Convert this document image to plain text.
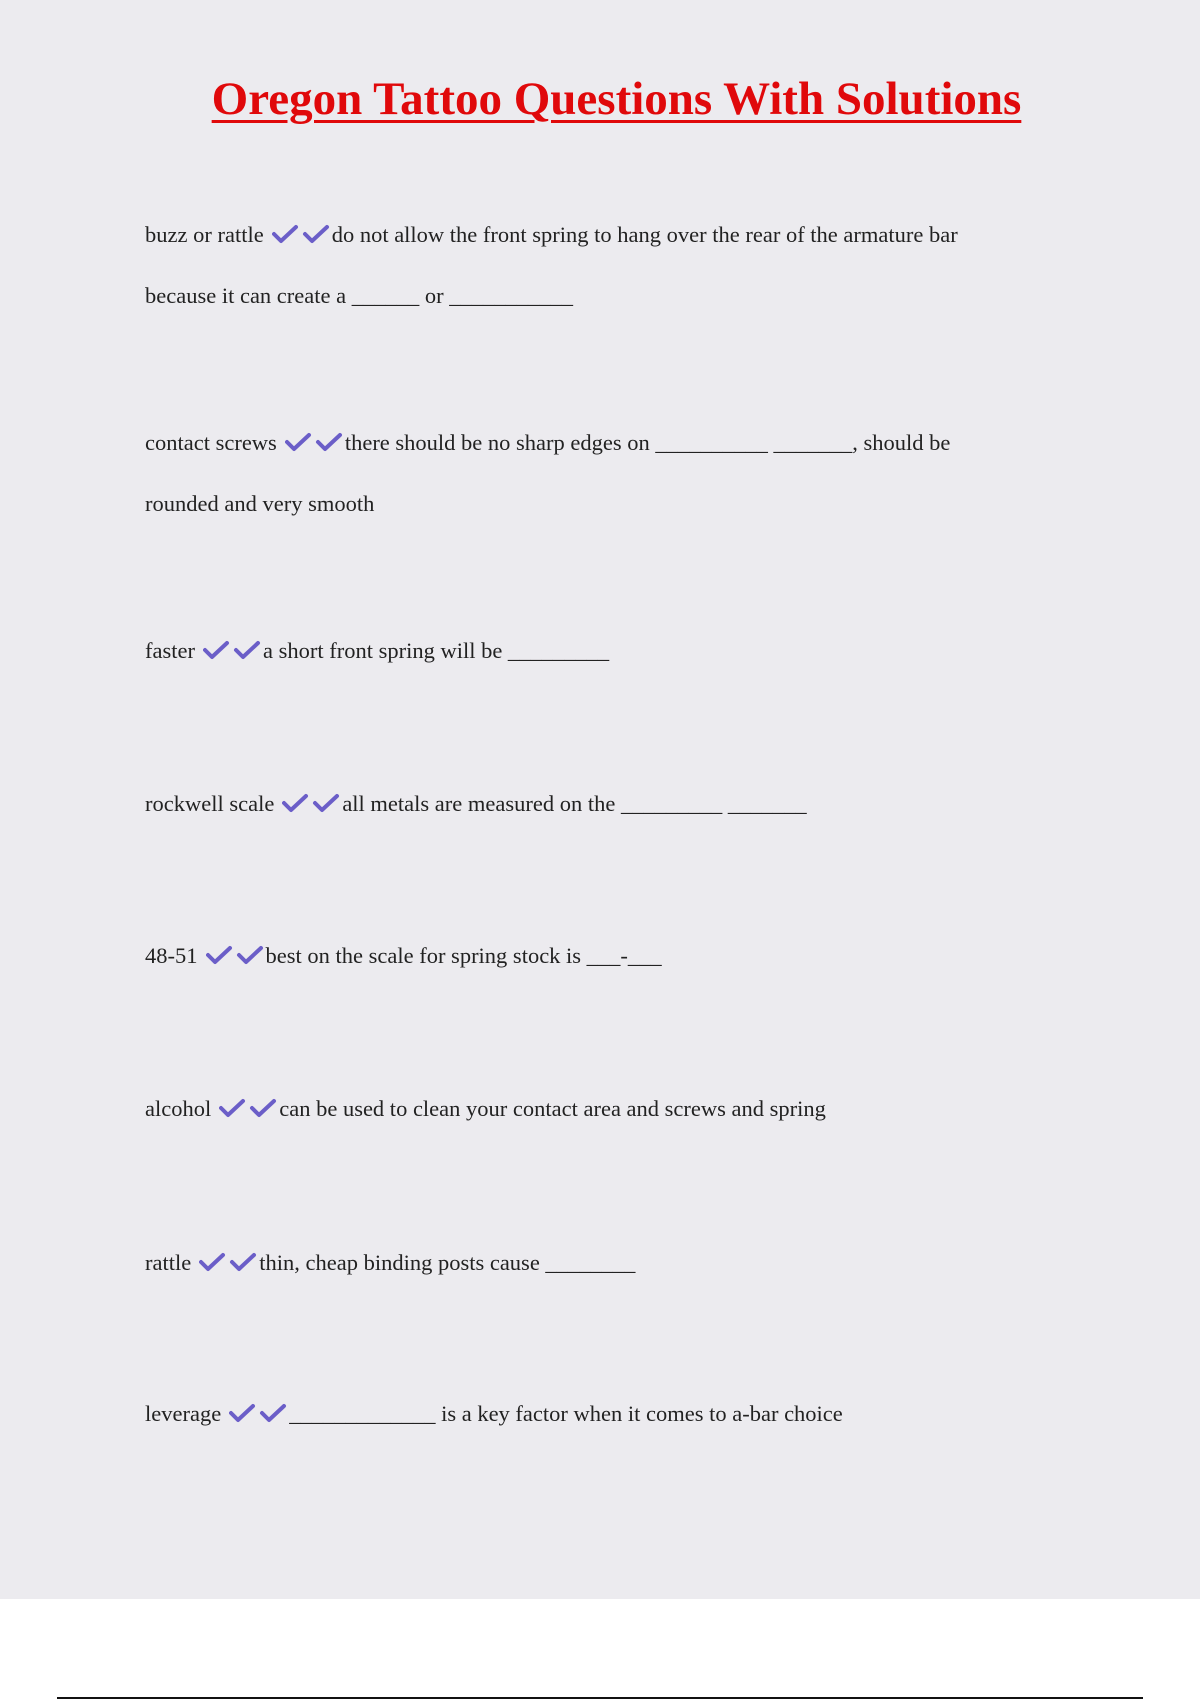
Oregon Tattoo Questions With Solutions
buzz or rattle	do not allow the front spring to hang over the rear of the armature bar
because it can create a ______ or ___________
contact screws	there should be no sharp edges on __________ _______, should be
rounded and very smooth
faster	a short front spring will be _________
rockwell scale	all metals are measured on the _________ _______
48-51	best on the scale for spring stock is ___-___
alcohol	can be used to clean your contact area and screws and spring
rattle	thin, cheap binding posts cause ________
leverage	_____________ is a key factor when it comes to a-bar choice
